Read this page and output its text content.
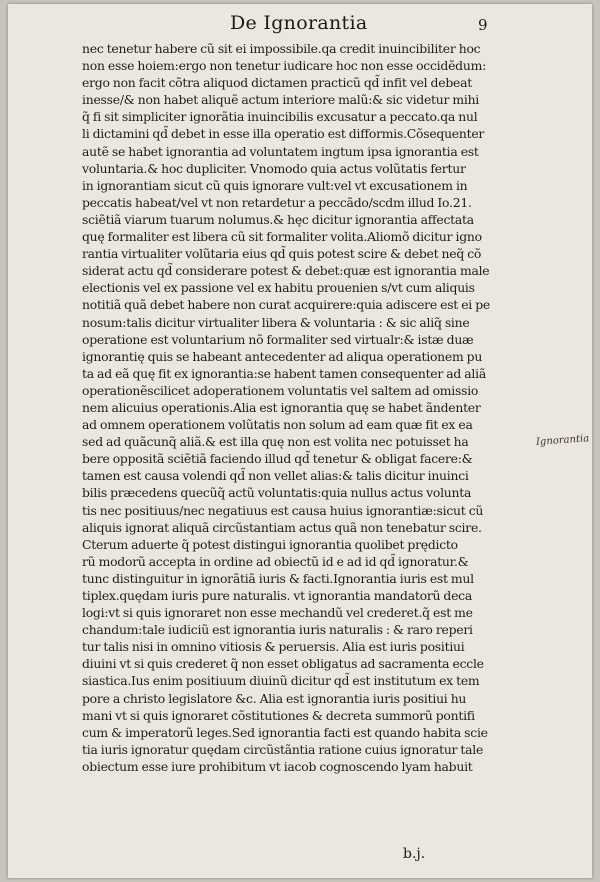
De Ignorantia	9
nec tenetur habere cũ sit ei impossibile.qa credit inuincibiliter hoc
non esse hoiem:ergo non tenetur iudicare hoc non esse occidẽdum:
ergo non facit cõtra aliquod dictamen practicũ qd̃ infit vel debeat
inesse/& non habet aliquẽ actum interiore malũ:& sic videtur mihi
q̃ fi sit simpliciter ignorãtia inuincibilis excusatur a peccato.qa nul
li dictamini qd̃ debet in esse illa operatio est difformis.Cõsequenter
autẽ se habet ignorantia ad voluntatem ingtum ipsa ignorantia est
voluntaria.& hoc dupliciter. Vnomodo quia actus volũtatis fertur
in ignorantiam sicut cũ quis ignorare vult:vel vt excusationem in
peccatis habeat/vel vt non retardetur a peccãdo/scdm illud Io.21.
sciẽtiã viarum tuarum nolumus.& hęc dicitur ignorantia affectata
quę formaliter est libera cũ sit formaliter volita.Aliomõ dicitur igno
rantia virtualiter volũtaria eius qd̃ quis potest scire & debet neq̃ cõ
siderat actu qd̃ considerare potest & debet:quæ est ignorantia male
electionis vel ex passione vel ex habitu prouenien s/vt cum aliquis
notitiã quã debet habere non curat acquirere:quia adiscere est ei pe
nosum:talis dicitur virtualiter libera & voluntaria : & sic aliq̃ sine
operatione est voluntarium nõ formaliter sed virtualr:& istæ duæ
ignorantię quis se habeant antecedenter ad aliqua operationem pu
ta ad eã quę fit ex ignorantia:se habent tamen consequenter ad aliã
operationẽscilicet adoperationem voluntatis vel saltem ad omissio
nem alicuius operationis.Alia est ignorantia quę se habet ãndenter
ad omnem operationem volũtatis non solum ad eam quæ fit ex ea
sed ad quãcunq̃ aliã.& est illa quę non est volita nec potuisset ha
bere oppositã sciẽtiã faciendo illud qd̃ tenetur & obligat facere:&
tamen est causa volendi qd̃ non vellet alias:& talis dicitur inuinci
bilis præcedens quecũq̃ actũ voluntatis:quia nullus actus volunta
tis nec positiuus/nec negatiuus est causa huius ignorantiæ:sicut cũ
aliquis ignorat aliquã circũstantiam actus quã non tenebatur scire.
Cterum aduerte q̃ potest distingui ignorantia quolibet prędicto
rũ modorũ accepta in ordine ad obiectũ id e ad id qd̃ ignoratur.&
tunc distinguitur in ignorãtiã iuris & facti.Ignorantia iuris est mul
tiplex.quędam iuris pure naturalis. vt ignorantia mandatorũ deca
logi:vt si quis ignoraret non esse mechandũ vel crederet.q̃ est me
chandum:tale iudiciũ est ignorantia iuris naturalis : & raro reperi
tur talis nisi in omnino vitiosis & peruersis. Alia est iuris positiui
diuini vt si quis crederet q̃ non esset obligatus ad sacramenta eccle
siastica.Ius enim positiuum diuinũ dicitur qd̃ est institutum ex tem
pore a christo legislatore &c. Alia est ignorantia iuris positiui hu
mani vt si quis ignoraret cõstitutiones & decreta summorũ pontifi
cum & imperatorũ leges.Sed ignorantia facti est quando habita scie
tia iuris ignoratur quędam circũstãntia ratione cuius ignoratur tale
obiectum esse iure prohibitum vt iacob cognoscendo lyam habuit
Ignorantia
b.j.
